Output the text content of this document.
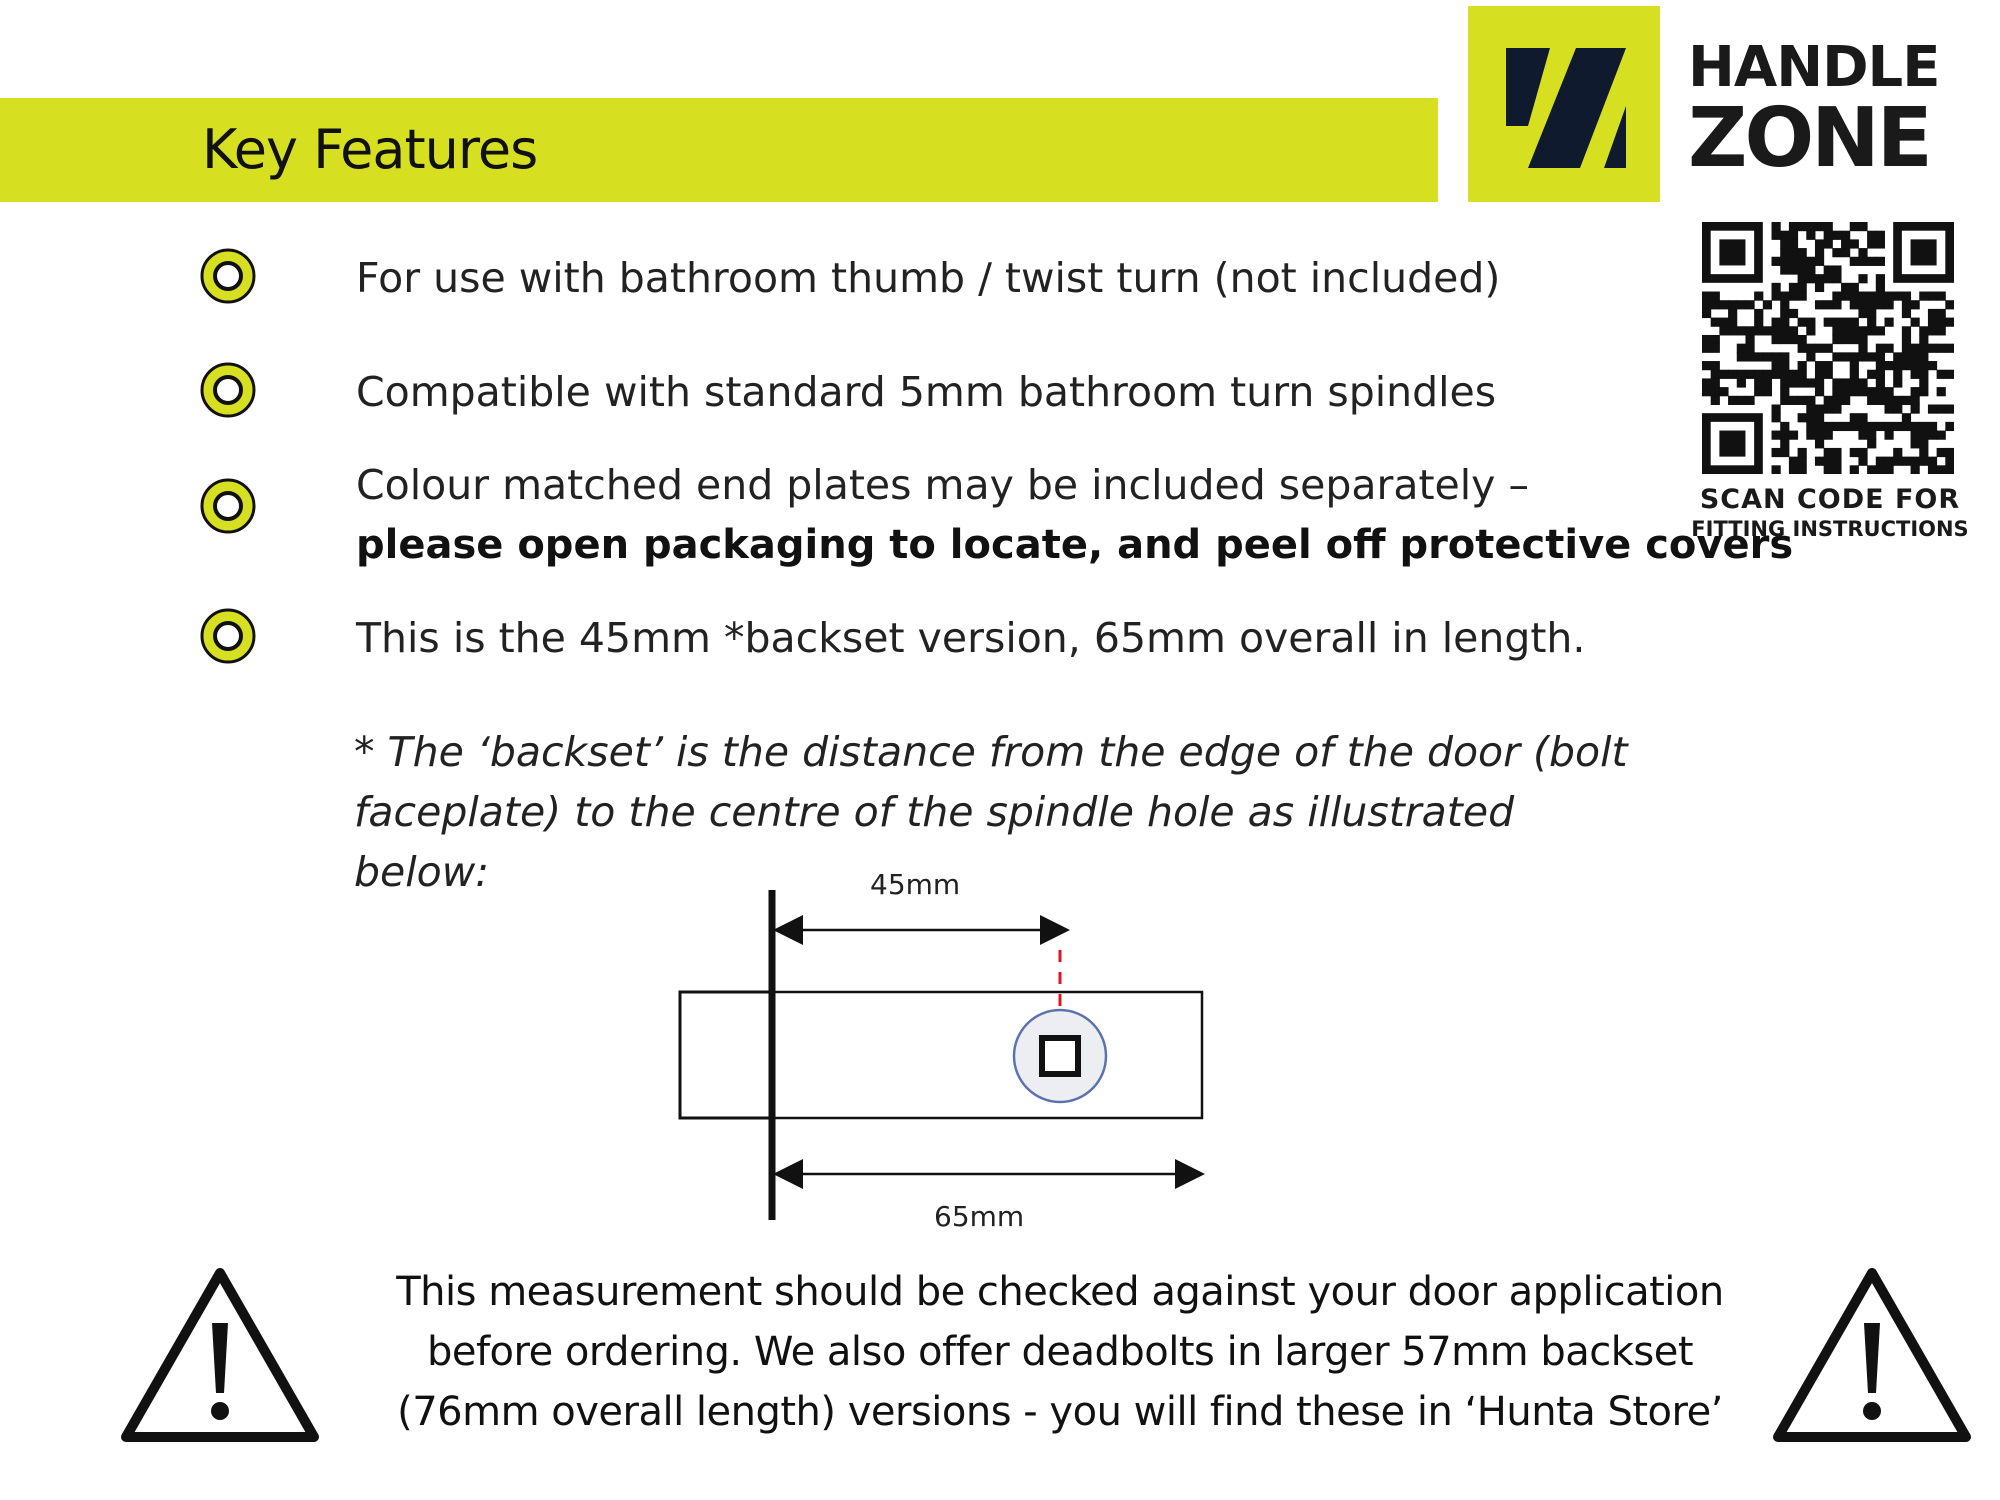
Key Features
HANDLE
ZONE
SCAN CODE FOR
FITTING INSTRUCTIONS
For use with bathroom thumb / twist turn (not included)
Compatible with standard 5mm bathroom turn spindles
Colour matched end plates may be included separately –
please open packaging to locate, and peel off protective covers
This is the 45mm *backset version, 65mm overall in length.
* The ‘backset’ is the distance from the edge of the door (bolt
faceplate) to the centre of the spindle hole as illustrated below:	45mm
65mm
This measurement should be checked against your door application
before ordering. We also offer deadbolts in larger 57mm backset
(76mm overall length) versions - you will find these in ‘Hunta Store’
